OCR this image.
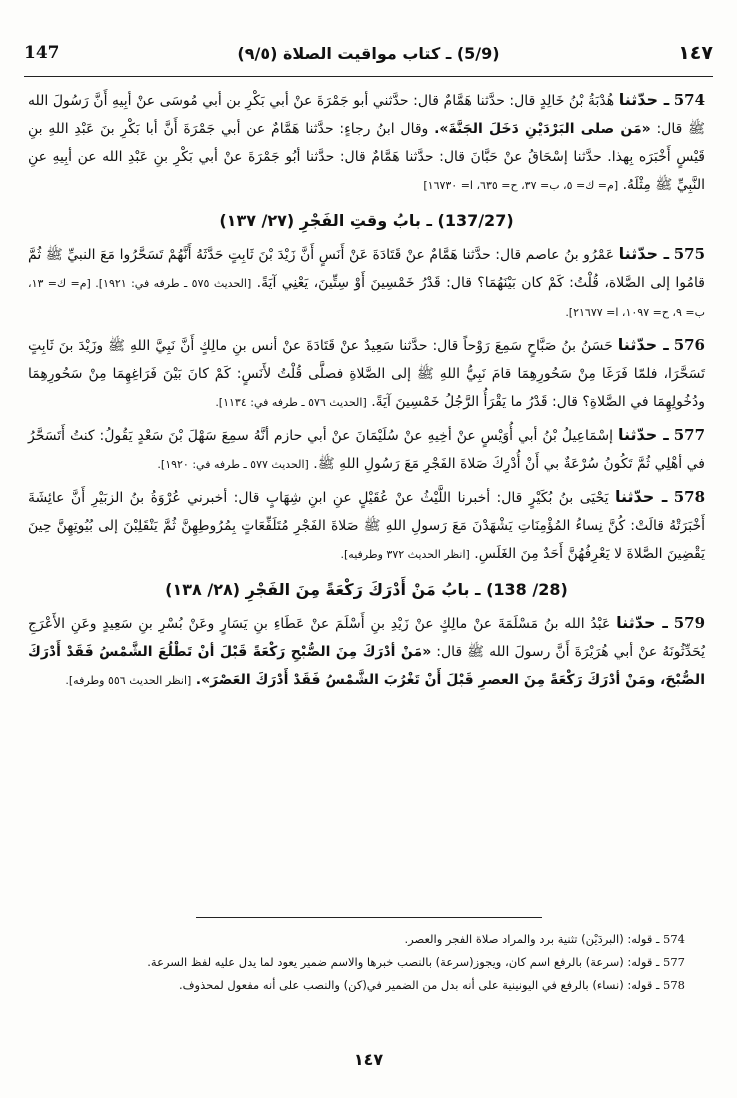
147	(5/9) ـ كتاب مواقيت الصلاة (٩/٥)	١٤٧

574 ـ حدّثنا هُدْبَةُ بْنُ خَالِدٍ قال: حدَّثنا هَمَّامٌ قال: حدَّثني أبو جَمْرَةَ عنْ أبي بَكْرِ بن أبي مُوسَى عنْ أبِيهِ أَنَّ رَسُولَ الله ﷺ قال: «مَن صلى البَرْدَيْنِ دَخَلَ الجَنَّةَ». وقال ابنُ رجاءٍ: حدَّثنا هَمَّامٌ عن أبي جَمْرَةَ أَنَّ أبا بَكْرِ بنَ عَبْدِ اللهِ بنِ قَيْسٍ أَخْبَرَه بِهذا. حدَّثنا إسْحَاقُ عنْ حَبَّانَ قال: حدَّثنا هَمَّامٌ قال: حدَّثنا أبُو جَمْرَةَ عنْ أبي بَكْرِ بنِ عَبْدِ الله عن أبِيهِ عنِ النَّبِيِّ ﷺ مِثْلَهُ. [م= ك= ٥، ب= ٣٧، ح= ٦٣٥، ا= ١٦٧٣٠]

(137/27) ـ بابُ وقتِ الفَجْرِ (٢٧/ ١٣٧)

575 ـ حدّثنا عَمْرُو بنُ عاصم قال: حدَّثنا هَمَّامٌ عنْ قَتَادَةَ عَنْ أَنَسٍ أَنَّ زَيْدَ بْنَ ثَابِتٍ حَدَّثَهُ أَنَّهُمْ تَسَحَّرُوا مَعَ النبيِّ ﷺ ثُمَّ قامُوا إلى الصَّلاة، قُلْتُ: كَمْ كان بَيْنَهُمَا؟ قال: قَدْرُ خَمْسِينَ أَوْ سِتِّينَ، يَعْنِي آيَةً. [الحديث ٥٧٥ ـ طرفه في: ١٩٢١]. [م= ك= ١٣، ب= ٩، ح= ١٠٩٧، ا= ٢١٦٧٧].

576 ـ حدّثنا حَسَنُ بنُ صَبَّاحٍ سَمِعَ رَوْحاً قال: حدَّثنا سَعِيدٌ عنْ قَتَادَةَ عنْ أنس بنِ مالِكٍ أَنَّ نَبِيَّ اللهِ ﷺ وزَيْدَ بنَ ثَابِتٍ تَسَحَّرَا، فلمّا فَرَغَا مِنْ سَحُورِهِمَا قامَ نَبِيُّ اللهِ ﷺ إلى الصَّلاةِ فصلَّى قُلْتُ لأَنَسٍ: كَمْ كانَ بَيْنَ فَرَاغِهِمَا مِنْ سَحُورِهِمَا ودُخُولِهِمَا في الصَّلاةِ؟ قال: قَدْرُ ما يَقْرَأُ الرَّجُلُ خَمْسِينَ آيَةً. [الحديث ٥٧٦ ـ طرفه في: ١١٣٤].

577 ـ حدّثنا إسْمَاعِيلُ بْنُ أبي أُوَيْسٍ عنْ أخِيهِ عنْ سُلَيْمَانَ عنْ أبي حازم أنَّهُ سمِعَ سَهْلَ بْنَ سَعْدٍ يَقُولُ: كنتُ أَتَسَحَّرُ في أهْلِي ثُمَّ تَكُونُ سُرْعَةٌ بي أَنْ أُدْرِكَ صَلاةَ الفَجْرِ مَعَ رَسُولِ اللهِ ﷺ. [الحديث ٥٧٧ ـ طرفه في: ١٩٢٠].

578 ـ حدّثنا يَحْيَى بنُ بُكَيْرٍ قال: أخبرنا اللَّيْثُ عنْ عُقَيْلٍ عنِ ابنِ شِهَابٍ قال: أخبرني عُرْوَةُ بنُ الزبَيْرِ أَنَّ عائِشَةَ أَخْبَرَتْهُ قالَتْ: كُنَّ نِساءُ المُؤْمِنَاتِ يَشْهَدْنَ مَعَ رَسولِ اللهِ ﷺ صَلاةَ الفَجْرِ مُتَلَفِّعَاتٍ بِمُرُوطِهِنَّ ثُمَّ يَنْقَلِبْنَ إلى بُيُوتِهِنَّ حِينَ يَقْضِينَ الصَّلاةَ لا يَعْرِفُهُنَّ أَحَدٌ مِنَ الغَلَسِ. [انظر الحديث ٣٧٢ وطرفيه].

(28/ 138) ـ بابُ مَنْ أَدْرَكَ رَكْعَةً مِنَ الفَجْرِ (٢٨/ ١٣٨)

579 ـ حدّثنا عَبْدُ الله بنُ مَسْلَمَةَ عنْ مالِكٍ عنْ زَيْدِ بنِ أَسْلَمَ عنْ عَطَاءِ بنِ يَسَارٍ وعَنْ بُسْرِ بنِ سَعِيدٍ وعَنِ الأَعْرَجِ يُحَدِّثُونَهُ عنْ أبي هُرَيْرَةَ أَنَّ رسولَ الله ﷺ قال: «مَنْ أدْرَكَ مِنَ الصُّبْحِ رَكْعَةً قَبْلَ أنْ تَطْلُعَ الشَّمْسُ فَقَدْ أَدْرَكَ الصُّبْحَ، ومَنْ أدْرَكَ رَكْعَةً مِنَ العصرِ قَبْلَ أَنْ تَغْرُبَ الشَّمْسُ فَقَدْ أَدْرَكَ العَصْرَ». [انظر الحديث ٥٥٦ وطرفه].

574 ـ قوله: (البردَيْن) تثنية برد والمراد صلاة الفجر والعصر.

577 ـ قوله: (سرعة) بالرفع اسم كان، ويجوز(سرعة) بالنصب خبرها والاسم ضمير يعود لما يدل عليه لفظ السرعة.

578 ـ قوله: (نساء) بالرفع في اليونينية على أنه بدل من الضمير في(كن) والنصب على أنه مفعول لمحذوف.

١٤٧
